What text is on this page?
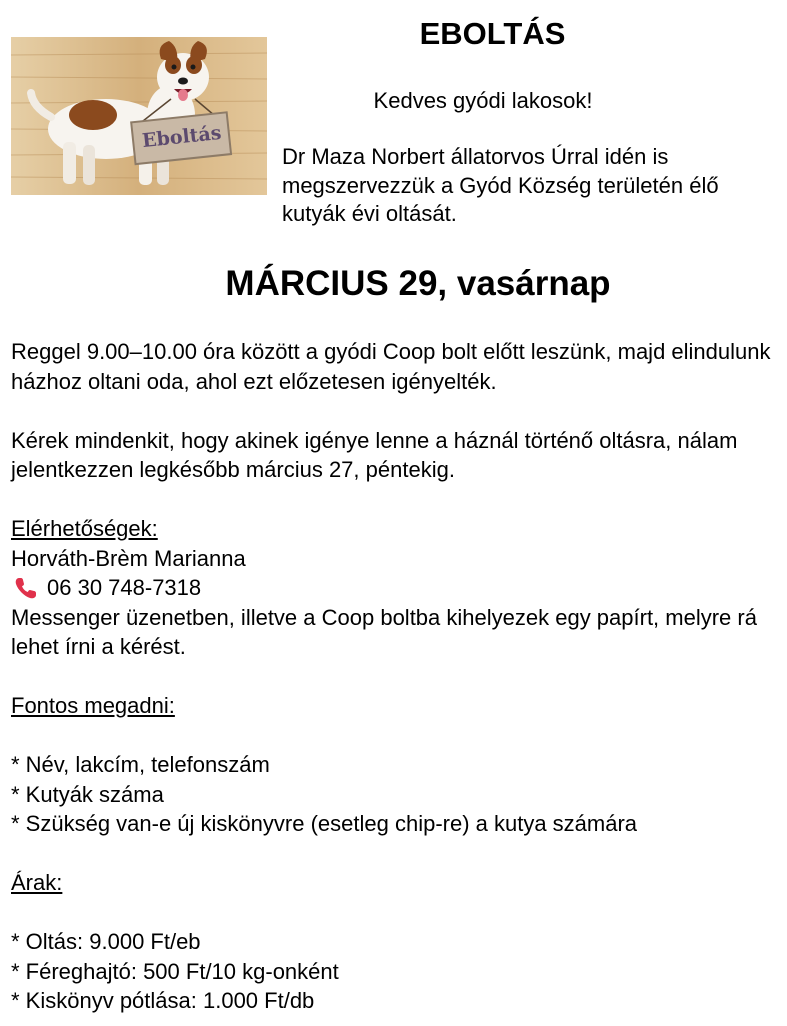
Eboltás
EBOLTÁS
Kedves gyódi lakosok!
Dr Maza Norbert állatorvos Úrral idén is megszervezzük a Gyód Község területén élő kutyák évi oltását.
MÁRCIUS 29, vasárnap

Reggel 9.00–10.00 óra között a gyódi Coop bolt előtt leszünk, majd elindulunk házhoz oltani oda, ahol ezt előzetesen igényelték.

Kérek mindenkit, hogy akinek igénye lenne a háznál történő oltásra, nálam jelentkezzen legkésőbb március 27, péntekig.

Elérhetőségek:

Horváth-Brèm Marianna

06 30 748-7318

Messenger üzenetben, illetve a Coop boltba kihelyezek egy papírt, melyre rá lehet írni a kérést.

Fontos megadni:

* Név, lakcím, telefonszám
* Kutyák száma
* Szükség van-e új kiskönyvre (esetleg chip-re) a kutya számára

Árak:

* Oltás: 9.000 Ft/eb
* Féreghajtó: 500 Ft/10 kg-onként
* Kiskönyv pótlása: 1.000 Ft/db
